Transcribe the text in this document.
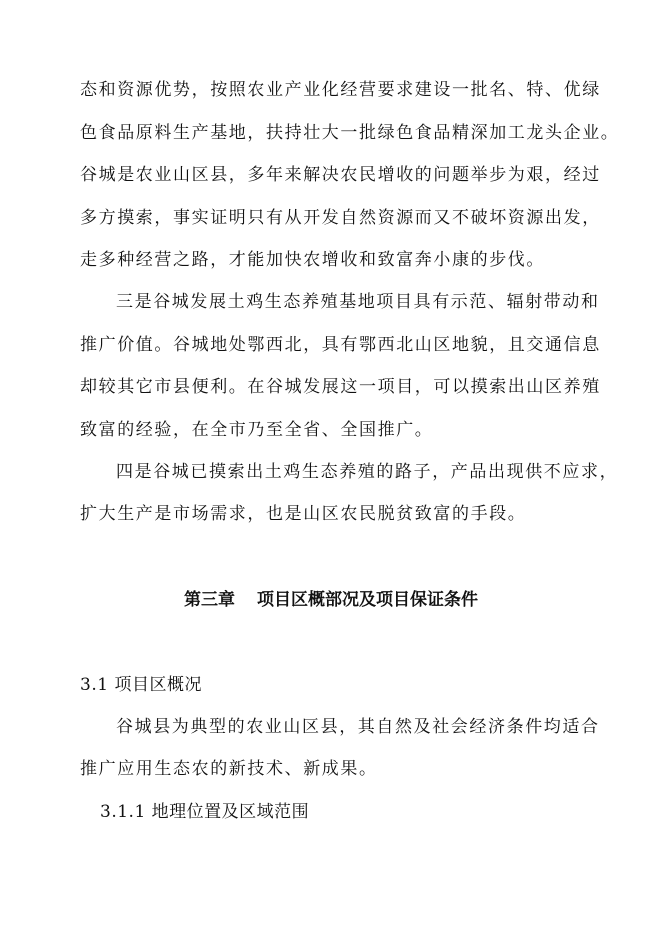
态和资源优势，按照农业产业化经营要求建设一批名、特、优绿
色食品原料生产基地，扶持壮大一批绿色食品精深加工龙头企业。
谷城是农业山区县，多年来解决农民增收的问题举步为艰，经过
多方摸索，事实证明只有从开发自然资源而又不破坏资源出发，
走多种经营之路，才能加快农增收和致富奔小康的步伐。
三是谷城发展土鸡生态养殖基地项目具有示范、辐射带动和
推广价值。谷城地处鄂西北，具有鄂西北山区地貌，且交通信息
却较其它市县便利。在谷城发展这一项目，可以摸索出山区养殖
致富的经验，在全市乃至全省、全国推广。
四是谷城已摸索出土鸡生态养殖的路子，产品出现供不应求，
扩大生产是市场需求，也是山区农民脱贫致富的手段。
第三章 项目区概部况及项目保证条件
3.1 项目区概况
谷城县为典型的农业山区县，其自然及社会经济条件均适合
推广应用生态农的新技术、新成果。
3.1.1 地理位置及区域范围
